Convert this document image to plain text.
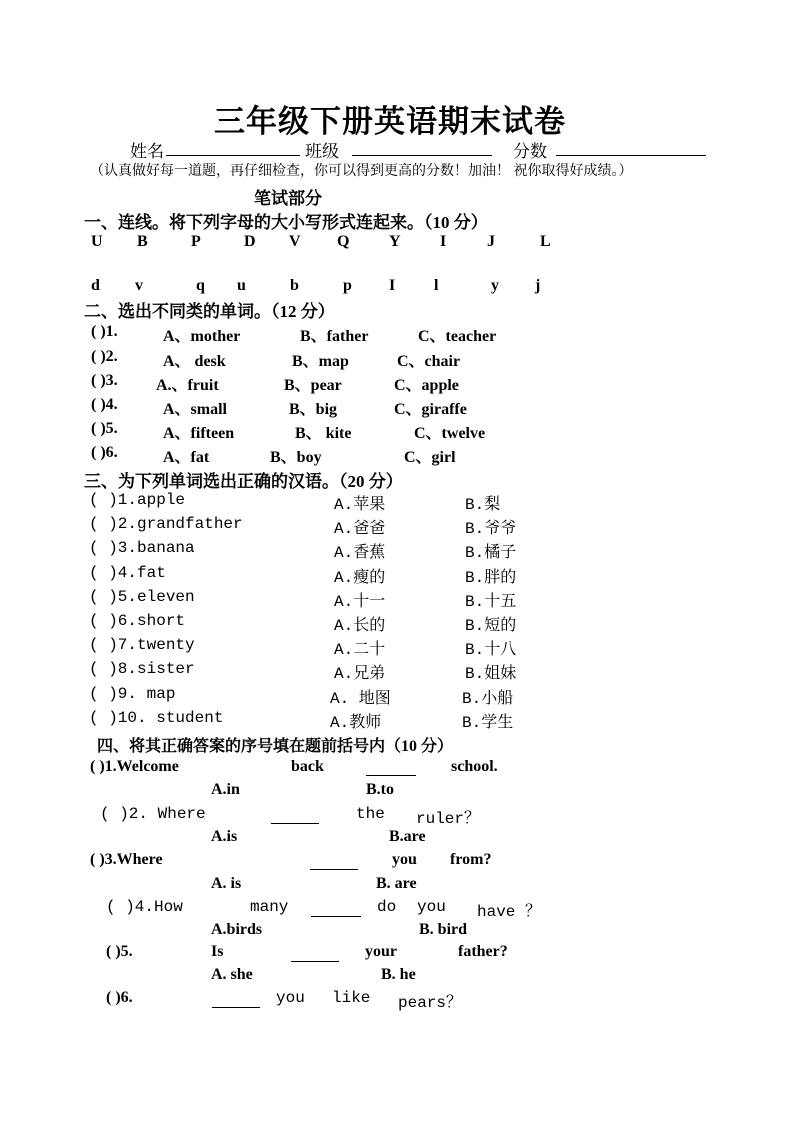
三年级下册英语期末试卷
姓名	班级	分数
（认真做好每一道题，再仔细检查，你可以得到更高的分数！加油！ 祝你取得好成绩。）
笔试部分
一、连线。将下列字母的大小写形式连起来。（10 分）
U B	P	D V Q Y I	J	L
d v	q u	b	p I l	y j
二、选出不同类的单词。（12 分）
( )1.	A、mother	B、father	C、teacher
( )2.	A、 desk	B、map	C、chair
( )3. A.、fruit	B、pear	C、apple
( )4.	A、small	B、big	C、giraffe
( )5.	A、fifteen	B、 kite	C、twelve
( )6.	A、fat	B、boy	C、girl
三、为下列单词选出正确的汉语。（20 分）
( )1.apple	A.苹果	B.梨
( )2.grandfather	A.爸爸	B.爷爷
( )3.banana	A.香蕉	B.橘子
( )4.fat	A.瘦的	B.胖的
( )5.eleven	A.十一	B.十五
( )6.short	A.长的	B.短的
( )7.twenty	A.二十	B.十八
( )8.sister	A.兄弟	B.姐妹
( )9. map	A. 地图	B.小船
( )10. student	A.教师	B.学生
四、将其正确答案的序号填在题前括号内（10 分）
( )1.Welcome	back	school.
A.in	B.to
( )2. Where	the ruler？
A.is	B.are
( )3.Where	you from?
A. is	B. are
( )4.How	many	do you have ？
A.birds	B. bird
( )5.	Is	your	father?
A. she	B. he
( )6.	you like pears？
